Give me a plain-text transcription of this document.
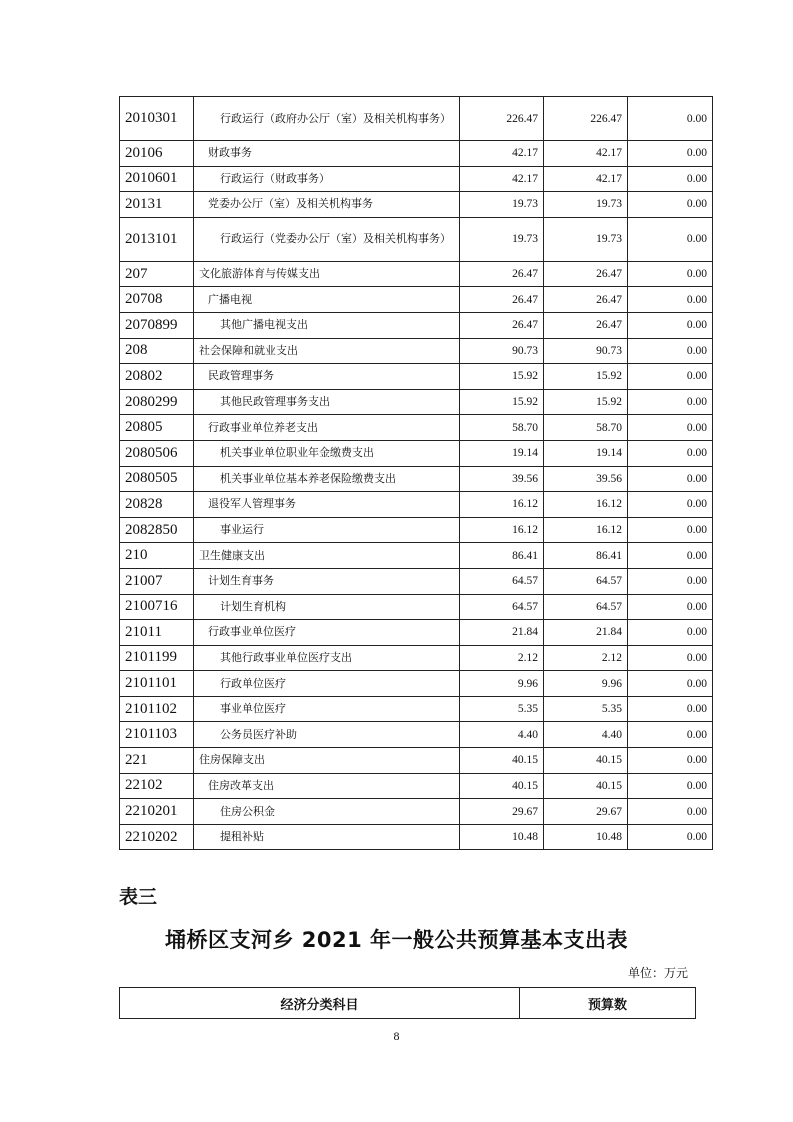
2010301	行政运行（政府办公厅（室）及相关机构事务）	226.47	226.47	0.00
20106	财政事务	42.17	42.17	0.00
2010601	行政运行（财政事务）	42.17	42.17	0.00
20131	党委办公厅（室）及相关机构事务	19.73	19.73	0.00
2013101	行政运行（党委办公厅（室）及相关机构事务）	19.73	19.73	0.00
207	文化旅游体育与传媒支出	26.47	26.47	0.00
20708	广播电视	26.47	26.47	0.00
2070899	其他广播电视支出	26.47	26.47	0.00
208	社会保障和就业支出	90.73	90.73	0.00
20802	民政管理事务	15.92	15.92	0.00
2080299	其他民政管理事务支出	15.92	15.92	0.00
20805	行政事业单位养老支出	58.70	58.70	0.00
2080506	机关事业单位职业年金缴费支出	19.14	19.14	0.00
2080505	机关事业单位基本养老保险缴费支出	39.56	39.56	0.00
20828	退役军人管理事务	16.12	16.12	0.00
2082850	事业运行	16.12	16.12	0.00
210	卫生健康支出	86.41	86.41	0.00
21007	计划生育事务	64.57	64.57	0.00
2100716	计划生育机构	64.57	64.57	0.00
21011	行政事业单位医疗	21.84	21.84	0.00
2101199	其他行政事业单位医疗支出	2.12	2.12	0.00
2101101	行政单位医疗	9.96	9.96	0.00
2101102	事业单位医疗	5.35	5.35	0.00
2101103	公务员医疗补助	4.40	4.40	0.00
221	住房保障支出	40.15	40.15	0.00
22102	住房改革支出	40.15	40.15	0.00
2210201	住房公积金	29.67	29.67	0.00
2210202	提租补贴	10.48	10.48	0.00
表三
埇桥区支河乡 2021 年一般公共预算基本支出表
单位：万元
经济分类科目	预算数
8
